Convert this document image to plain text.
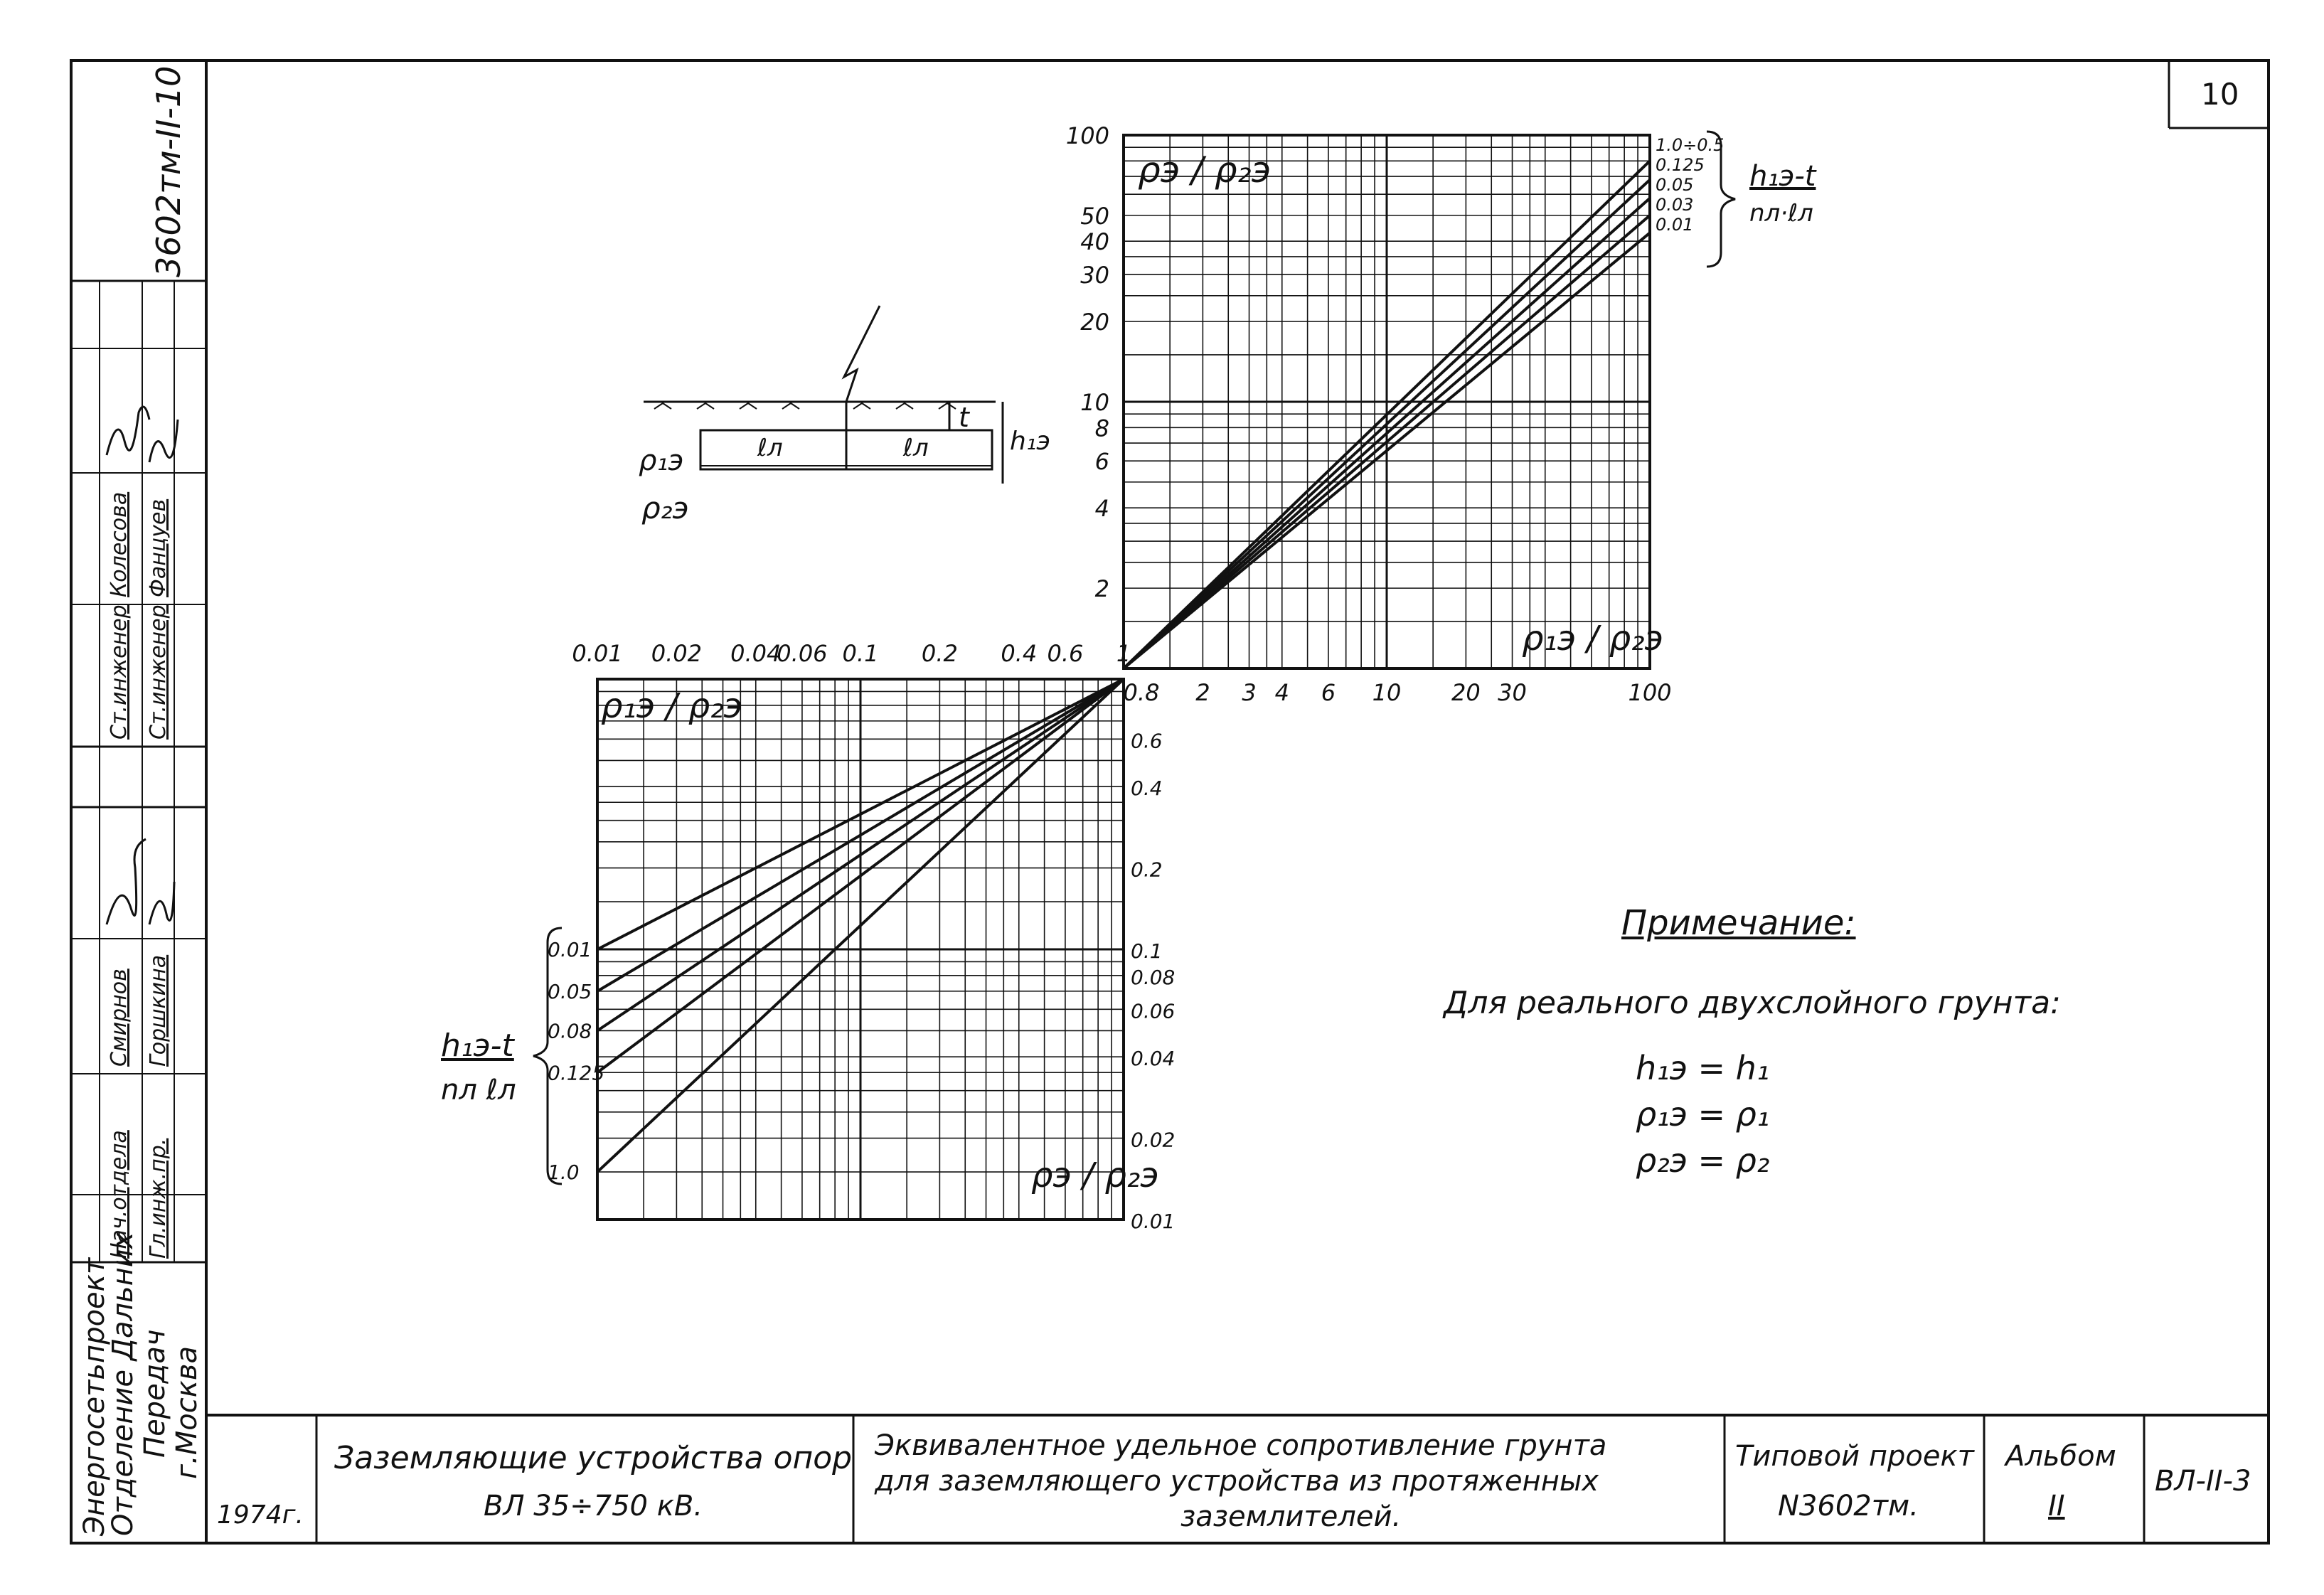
10
3602тм-II-10
Нач.отдела Гл.инж.пр.
Ст.инженер Ст.инженер
Смирнов Горшкина
Колесова Фанцуев
Энергосетьпроект
Отделение Дальних Передач г.Москва
1974г.
Заземляющие устройства опор
ВЛ 35÷750 кВ.
Эквивалентное удельное сопротивление грунта
для заземляющего устройства из протяженных
заземлителей.
Типовой проект
N3602тм.
Альбом
II
ВЛ-II-3
t
h₁э
ℓл	ℓл
ρ₁э
ρ₂э
100
50
40
30
20
10
8
6
4
2
0.8 2 3 4 6 10 20 30	100
0.01 0.02 0.04
0.06 0.1 0.2 0.4 0.6 1
0.6
0.4
0.2
0.1
0.08
0.06
0.04
0.02
0.01
1.0÷0.5
0.125
0.05
0.03
0.01
0.01
0.05
0.08
0.125
1.0
ρэ / ρ₂э
ρ₁э / ρ₂э
h₁э-t
nл·ℓл
ρ₁э / ρ₂э
ρэ / ρ₂э
h₁э-t
nл ℓл
Примечание:
Для реального двухслойного грунта:
h₁э = h₁
ρ₁э = ρ₁
ρ₂э = ρ₂
